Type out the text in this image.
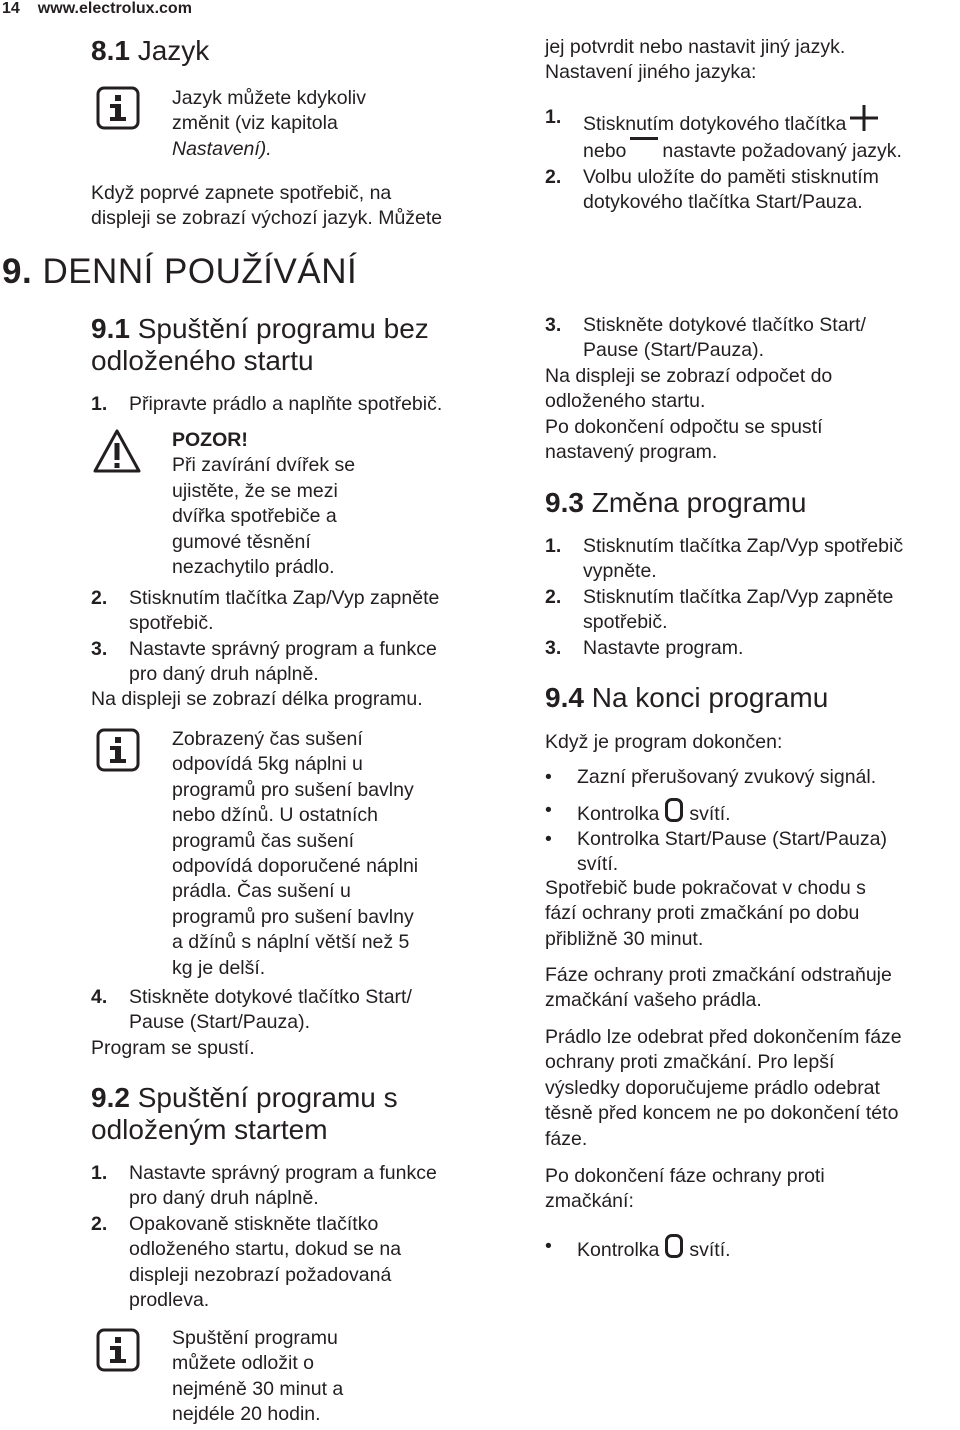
14 www.electrolux.com
8.1 Jazyk
Jazyk můžete kdykoliv
změnit (viz kapitola
Nastavení).
Když poprvé zapnete spotřebič, na
displeji se zobrazí výchozí jazyk. Můžete
9. DENNÍ POUŽÍVÁNÍ
9.1 Spuštění programu bez
odloženého startu
1. Připravte prádlo a naplňte spotřebič.
POZOR!
Při zavírání dvířek se
ujistěte, že se mezi
dvířka spotřebiče a
gumové těsnění
nezachytilo prádlo.
2. Stisknutím tlačítka Zap/Vyp zapněte
spotřebič.
3. Nastavte správný program a funkce
pro daný druh náplně.
Na displeji se zobrazí délka programu.
Zobrazený čas sušení
odpovídá 5kg náplni u
programů pro sušení bavlny
nebo džínů. U ostatních
programů čas sušení
odpovídá doporučené náplni
prádla. Čas sušení u
programů pro sušení bavlny
a džínů s náplní větší než 5
kg je delší.
4. Stiskněte dotykové tlačítko Start/
Pause (Start/Pauza).
Program se spustí.
9.2 Spuštění programu s
odloženým startem
1. Nastavte správný program a funkce
pro daný druh náplně.
2. Opakovaně stiskněte tlačítko
odloženého startu, dokud se na
displeji nezobrazí požadovaná
prodleva.
Spuštění programu
můžete odložit o
nejméně 30 minut a
nejdéle 20 hodin.
jej potvrdit nebo nastavit jiný jazyk.
Nastavení jiného jazyka:
1. Stisknutím dotykového tlačítka
nebo nastavte požadovaný jazyk.
2. Volbu uložíte do paměti stisknutím
dotykového tlačítka Start/Pauza.
3. Stiskněte dotykové tlačítko Start/
Pause (Start/Pauza).
Na displeji se zobrazí odpočet do
odloženého startu.
Po dokončení odpočtu se spustí
nastavený program.
9.3 Změna programu
1. Stisknutím tlačítka Zap/Vyp spotřebič
vypněte.
2. Stisknutím tlačítka Zap/Vyp zapněte
spotřebič.
3. Nastavte program.
9.4 Na konci programu
Když je program dokončen:
• Zazní přerušovaný zvukový signál.
• Kontrolka svítí.
• Kontrolka Start/Pause (Start/Pauza)
svítí.
Spotřebič bude pokračovat v chodu s
fází ochrany proti zmačkání po dobu
přibližně 30 minut.
Fáze ochrany proti zmačkání odstraňuje
zmačkání vašeho prádla.
Prádlo lze odebrat před dokončením fáze
ochrany proti zmačkání. Pro lepší
výsledky doporučujeme prádlo odebrat
těsně před koncem ne po dokončení této
fáze.
Po dokončení fáze ochrany proti
zmačkání:
• Kontrolka svítí.
